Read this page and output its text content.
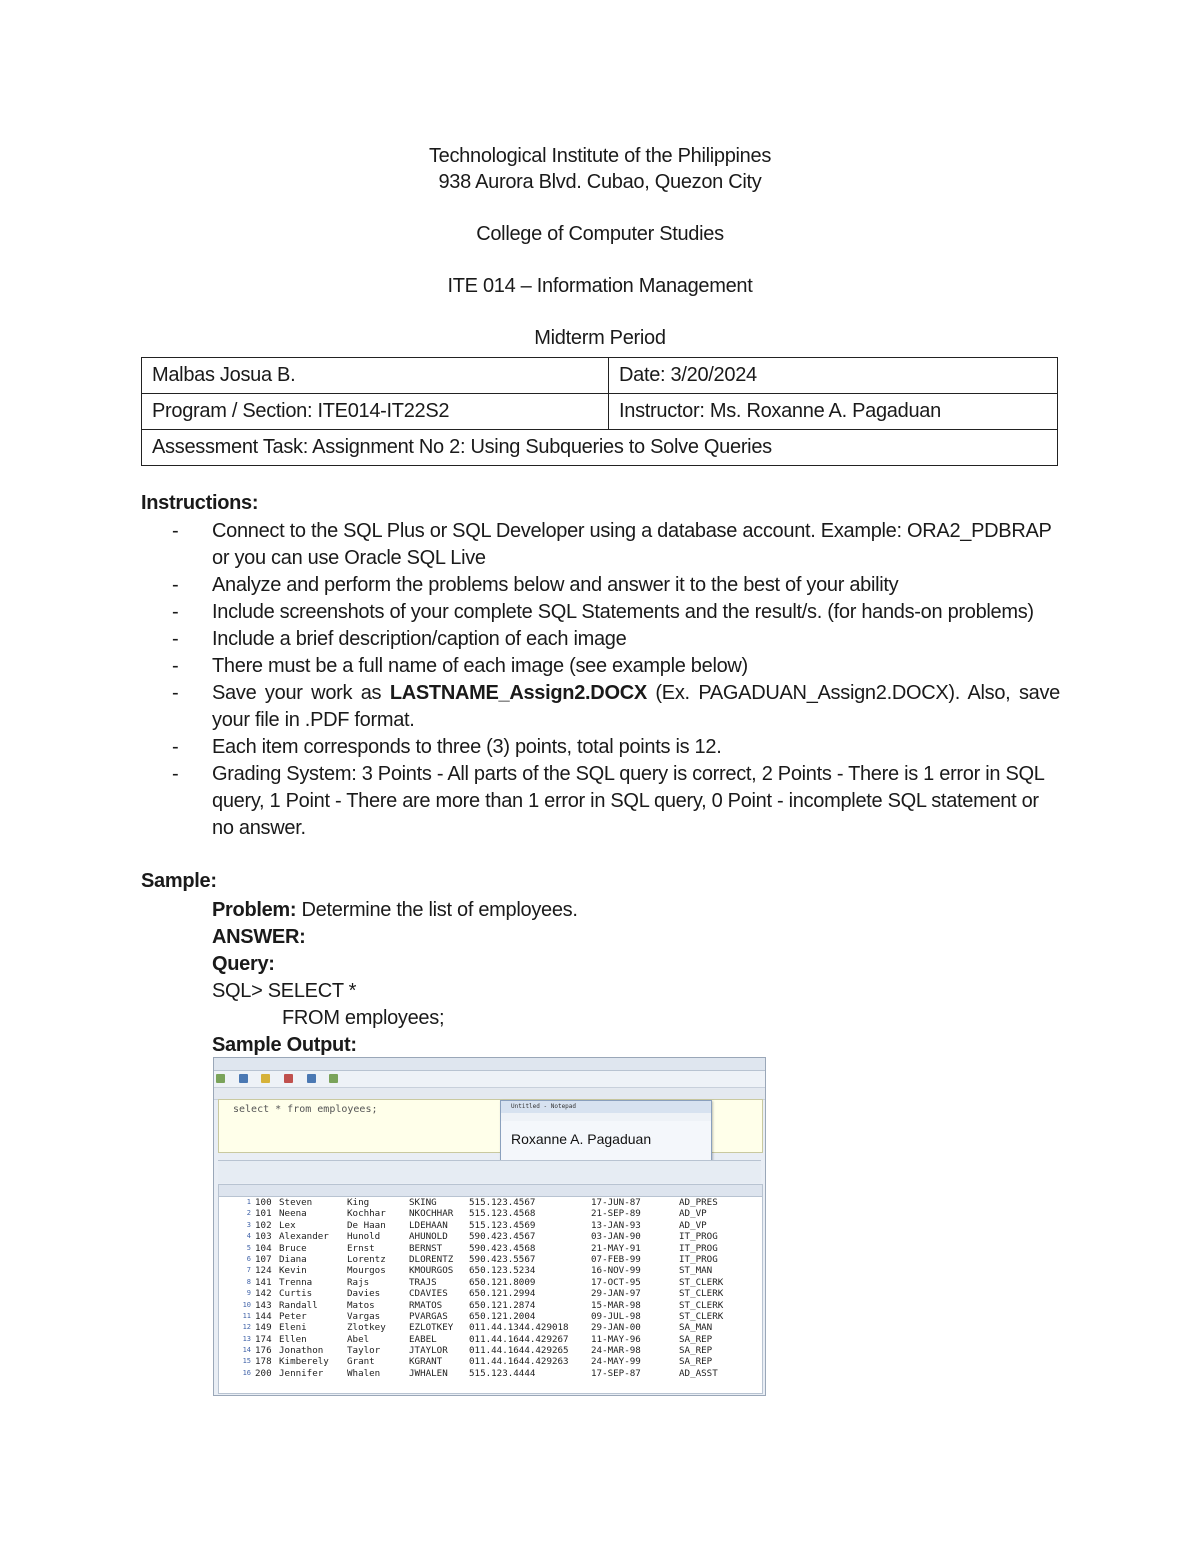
Technological Institute of the Philippines
938 Aurora Blvd. Cubao, Quezon City
College of Computer Studies
ITE 014 – Information Management
Midterm Period
Malbas Josua B.	Date: 3/20/2024
Program / Section: ITE014-IT22S2	Instructor: Ms. Roxanne A. Pagaduan
Assessment Task: Assignment No 2: Using Subqueries to Solve Queries	
Instructions:
- Connect to the SQL Plus or SQL Developer using a database account. Example: ORA2_PDBRAP or you can use Oracle SQL Live
- Analyze and perform the problems below and answer it to the best of your ability
- Include screenshots of your complete SQL Statements and the result/s. (for hands-on problems)
- Include a brief description/caption of each image
- There must be a full name of each image (see example below)
- Save your work as LASTNAME_Assign2.DOCX (Ex. PAGADUAN_Assign2.DOCX). Also, save your file in .PDF format.
- Each item corresponds to three (3) points, total points is 12.
- Grading System: 3 Points - All parts of the SQL query is correct, 2 Points - There is 1 error in SQL query, 1 Point - There are more than 1 error in SQL query, 0 Point - incomplete SQL statement or no answer.
Sample:
Problem: Determine the list of employees.
ANSWER:
Query:
SQL> SELECT *
FROM employees;
Sample Output:

select * from employees;	Untitled - Notepad
Roxanne A. Pagaduan
1 100 Steven	King	SKING	515.123.4567	17-JUN-87	AD_PRES
2 101 Neena	Kochhar	NKOCHHAR 515.123.4568	21-SEP-89	AD_VP
3 102 Lex	De Haan	LDEHAAN 515.123.4569	13-JAN-93	AD_VP
4 103 Alexander Hunold	AHUNOLD 590.423.4567	03-JAN-90	IT_PROG
5 104 Bruce	Ernst	BERNST	590.423.4568	21-MAY-91	IT_PROG
6 107 Diana	Lorentz	DLORENTZ 590.423.5567	07-FEB-99	IT_PROG
7 124 Kevin	Mourgos	KMOURGOS 650.123.5234	16-NOV-99	ST_MAN
8 141 Trenna	Rajs	TRAJS	650.121.8009	17-OCT-95	ST_CLERK
9 142 Curtis	Davies	CDAVIES 650.121.2994	29-JAN-97	ST_CLERK
10 143 Randall	Matos	RMATOS	650.121.2874	15-MAR-98	ST_CLERK
11 144 Peter	Vargas	PVARGAS 650.121.2004	09-JUL-98	ST_CLERK
12 149 Eleni	Zlotkey	EZLOTKEY 011.44.1344.429018 29-JAN-00	SA_MAN
13 174 Ellen	Abel	EABEL	011.44.1644.429267 11-MAY-96	SA_REP
14 176 Jonathon	Taylor	JTAYLOR 011.44.1644.429265 24-MAR-98	SA_REP
15 178 Kimberely Grant	KGRANT	011.44.1644.429263 24-MAY-99	SA_REP
16 200 Jennifer	Whalen	JWHALEN 515.123.4444	17-SEP-87	AD_ASST
